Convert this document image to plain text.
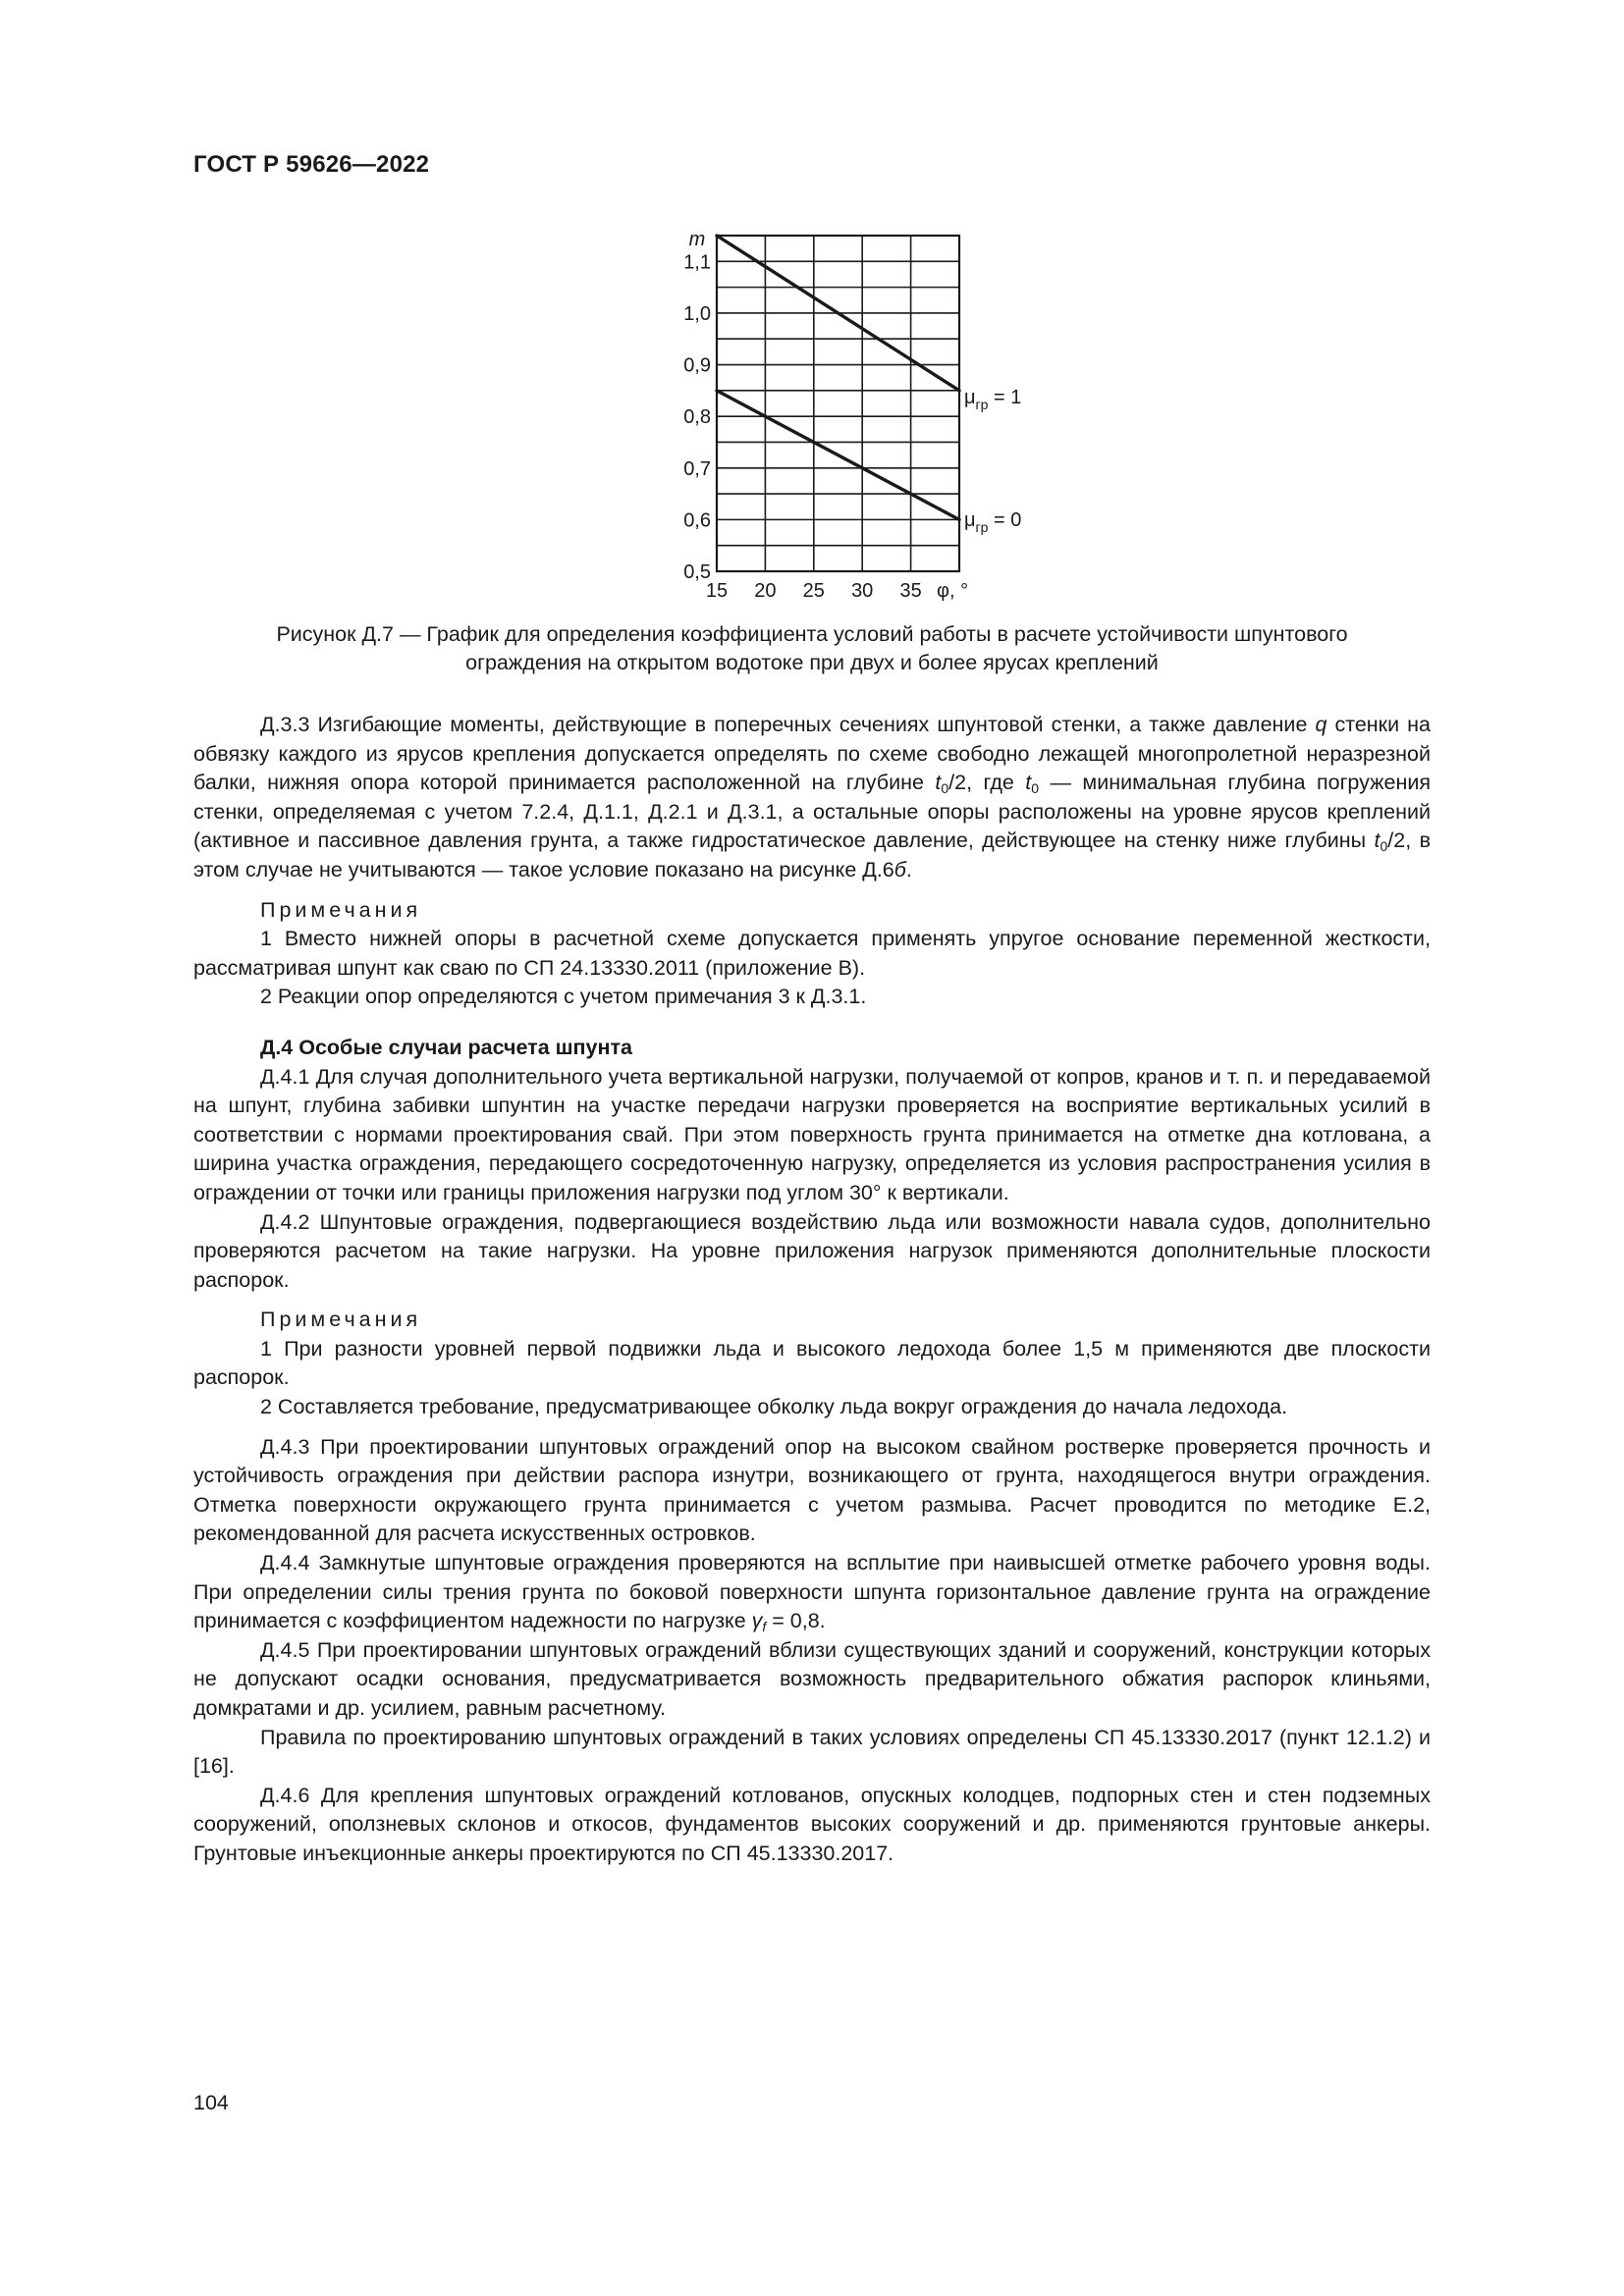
ГОСТ Р 59626—2022
15 20 25 30 35
1,1
1,0
0,9
0,8
0,7
0,6
0,5
m
φ, °
$\mu_{гр} = 1$
$\mu_{гр} = 0$
Рисунок Д.7 — График для определения коэффициента условий работы в расчете устойчивости шпунтового
ограждения на открытом водотоке при двух и более ярусах креплений

Д.3.3 Изгибающие моменты, действующие в поперечных сечениях шпунтовой стенки, а также давление q стенки на обвязку каждого из ярусов крепления допускается определять по схеме свободно лежащей многопролетной неразрезной балки, нижняя опора которой принимается расположенной на глубине $t_0/2$, где $t_0$ — минимальная глубина погружения стенки, определяемая с учетом 7.2.4, Д.1.1, Д.2.1 и Д.3.1, а остальные опоры расположены на уровне ярусов креплений (активное и пассивное давления грунта, а также гидростатическое давление, действующее на стенку ниже глубины $t_0/2$, в этом случае не учитываются — такое условие показано на рисунке Д.6б.

Примечания

1 Вместо нижней опоры в расчетной схеме допускается применять упругое основание переменной жесткости, рассматривая шпунт как сваю по СП 24.13330.2011 (приложение В).

2 Реакции опор определяются с учетом примечания 3 к Д.3.1.

Д.4 Особые случаи расчета шпунта

Д.4.1 Для случая дополнительного учета вертикальной нагрузки, получаемой от копров, кранов и т. п. и передаваемой на шпунт, глубина забивки шпунтин на участке передачи нагрузки проверяется на восприятие вертикальных усилий в соответствии с нормами проектирования свай. При этом поверхность грунта принимается на отметке дна котлована, а ширина участка ограждения, передающего сосредоточенную нагрузку, определяется из условия распространения усилия в ограждении от точки или границы приложения нагрузки под углом 30° к вертикали.

Д.4.2 Шпунтовые ограждения, подвергающиеся воздействию льда или возможности навала судов, дополнительно проверяются расчетом на такие нагрузки. На уровне приложения нагрузок применяются дополнительные плоскости распорок.

Примечания

1 При разности уровней первой подвижки льда и высокого ледохода более 1,5 м применяются две плоскости распорок.

2 Составляется требование, предусматривающее обколку льда вокруг ограждения до начала ледохода.

Д.4.3 При проектировании шпунтовых ограждений опор на высоком свайном ростверке проверяется прочность и устойчивость ограждения при действии распора изнутри, возникающего от грунта, находящегося внутри ограждения. Отметка поверхности окружающего грунта принимается с учетом размыва. Расчет проводится по методике Е.2, рекомендованной для расчета искусственных островков.

Д.4.4 Замкнутые шпунтовые ограждения проверяются на всплытие при наивысшей отметке рабочего уровня воды. При определении силы трения грунта по боковой поверхности шпунта горизонтальное давление грунта на ограждение принимается с коэффициентом надежности по нагрузке $\gamma_f = 0,8$.

Д.4.5 При проектировании шпунтовых ограждений вблизи существующих зданий и сооружений, конструкции которых не допускают осадки основания, предусматривается возможность предварительного обжатия распорок клиньями, домкратами и др. усилием, равным расчетному.

Правила по проектированию шпунтовых ограждений в таких условиях определены СП 45.13330.2017 (пункт 12.1.2) и [16].

Д.4.6 Для крепления шпунтовых ограждений котлованов, опускных колодцев, подпорных стен и стен подземных сооружений, оползневых склонов и откосов, фундаментов высоких сооружений и др. применяются грунтовые анкеры. Грунтовые инъекционные анкеры проектируются по СП 45.13330.2017.

104
